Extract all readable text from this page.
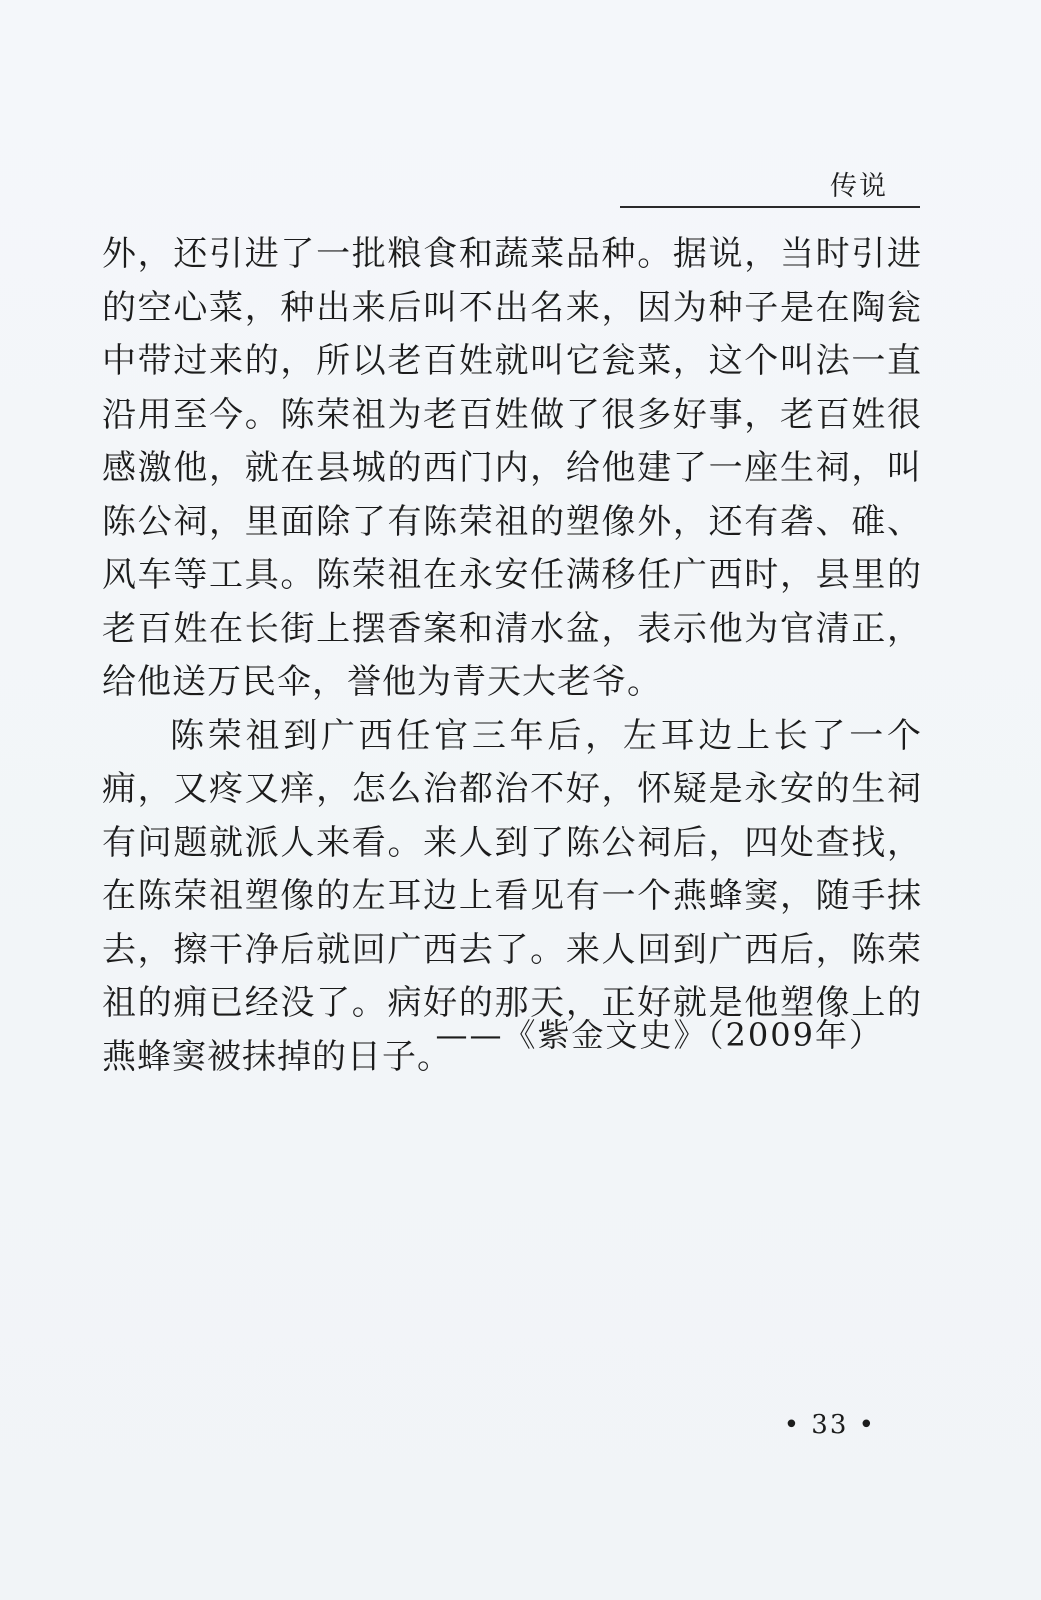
传说

外，还引进了一批粮食和蔬菜品种。据说，当时引进的空心菜，种出来后叫不出名来，因为种子是在陶瓮中带过来的，所以老百姓就叫它瓮菜，这个叫法一直沿用至今。陈荣祖为老百姓做了很多好事，老百姓很感激他，就在县城的西门内，给他建了一座生祠，叫陈公祠，里面除了有陈荣祖的塑像外，还有砻、碓、风车等工具。陈荣祖在永安任满移任广西时，县里的老百姓在长街上摆香案和清水盆，表示他为官清正，给他送万民伞，誉他为青天大老爷。

陈荣祖到广西任官三年后，左耳边上长了一个痈，又疼又痒，怎么治都治不好，怀疑是永安的生祠有问题就派人来看。来人到了陈公祠后，四处查找，在陈荣祖塑像的左耳边上看见有一个燕蜂窦，随手抹去，擦干净后就回广西去了。来人回到广西后，陈荣祖的痈已经没了。病好的那天，正好就是他塑像上的燕蜂窦被抹掉的日子。

——《紫金文史》（2009年）
• 33 •
